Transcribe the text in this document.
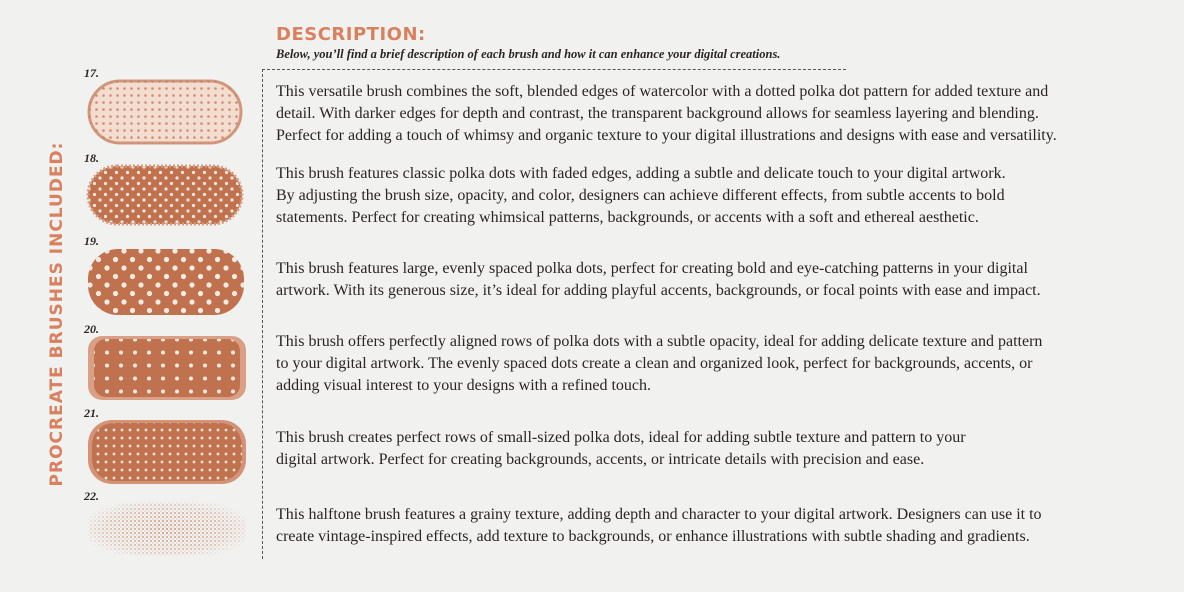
PROCREATE BRUSHES INCLUDED:
DESCRIPTION:
Below, you’ll find a brief description of each brush and how it can enhance your digital creations.
17.
This versatile brush combines the soft, blended edges of watercolor with a dotted polka dot pattern for added texture and
detail. With darker edges for depth and contrast, the transparent background allows for seamless layering and blending.
Perfect for adding a touch of whimsy and organic texture to your digital illustrations and designs with ease and versatility.
18.
This brush features classic polka dots with faded edges, adding a subtle and delicate touch to your digital artwork.
By adjusting the brush size, opacity, and color, designers can achieve different effects, from subtle accents to bold
statements. Perfect for creating whimsical patterns, backgrounds, or accents with a soft and ethereal aesthetic.
19.
This brush features large, evenly spaced polka dots, perfect for creating bold and eye-catching patterns in your digital
artwork. With its generous size, it’s ideal for adding playful accents, backgrounds, or focal points with ease and impact.
20.
This brush offers perfectly aligned rows of polka dots with a subtle opacity, ideal for adding delicate texture and pattern
to your digital artwork. The evenly spaced dots create a clean and organized look, perfect for backgrounds, accents, or
adding visual interest to your designs with a refined touch.
21.
This brush creates perfect rows of small-sized polka dots, ideal for adding subtle texture and pattern to your
digital artwork. Perfect for creating backgrounds, accents, or intricate details with precision and ease.
22.
This halftone brush features a grainy texture, adding depth and character to your digital artwork. Designers can use it to
create vintage-inspired effects, add texture to backgrounds, or enhance illustrations with subtle shading and gradients.
